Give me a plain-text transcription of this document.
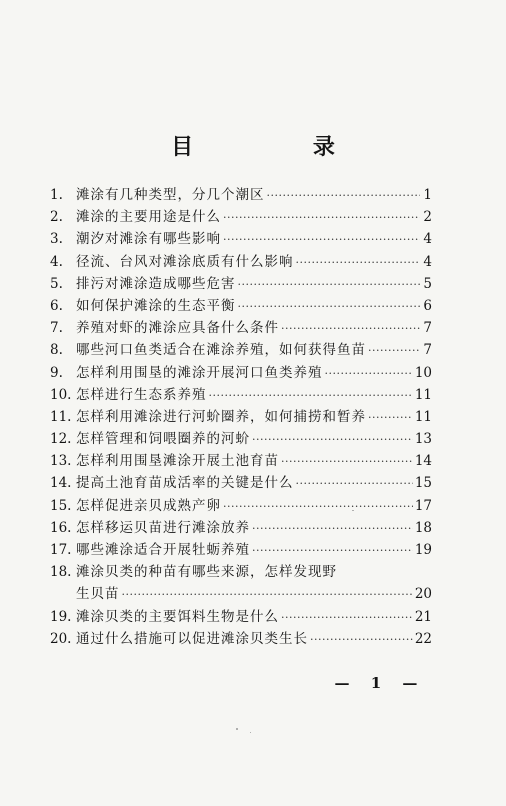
目 录
1. 滩涂有几种类型，分几个潮区 ·····	1
2. 滩涂的主要用途是什么 ·····	2
3. 潮汐对滩涂有哪些影响 ·····	4
4. 径流、台风对滩涂底质有什么影响 ·····	4
5. 排污对滩涂造成哪些危害 ·····	5
6. 如何保护滩涂的生态平衡 ·····	6
7. 养殖对虾的滩涂应具备什么条件 ·····	7
8. 哪些河口鱼类适合在滩涂养殖，如何获得鱼苗 ·····	7
9. 怎样利用围垦的滩涂开展河口鱼类养殖 ·····	10
10. 怎样进行生态系养殖 ·····	11
11. 怎样利用滩涂进行河蚧圈养，如何捕捞和暂养 ·····	11
12. 怎样管理和饲喂圈养的河蚧 ·····	13
13. 怎样利用围垦滩涂开展土池育苗 ·····	14
14. 提高土池育苗成活率的关键是什么 ·····	15
15. 怎样促进亲贝成熟产卵 ·····	17
16. 怎样移运贝苗进行滩涂放养 ·····	18
17. 哪些滩涂适合开展牡蛎养殖 ·····	19
18. 滩涂贝类的种苗有哪些来源，怎样发现野
生贝苗 ·····	20
19. 滩涂贝类的主要饵料生物是什么 ·····	21
20. 通过什么措施可以促进滩涂贝类生长 ·····	22
— 1 —
